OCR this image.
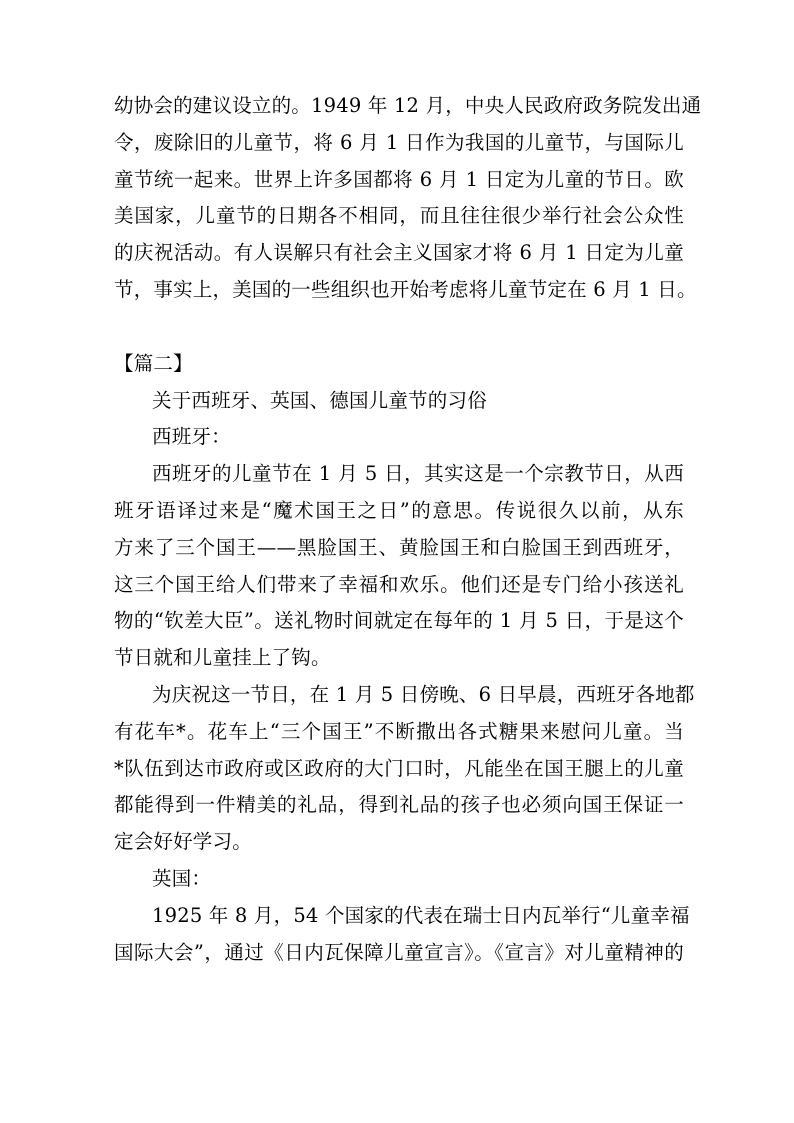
幼协会的建议设立的。1949 年 12 月，中央人民政府政务院发出通
令，废除旧的儿童节，将 6 月 1 日作为我国的儿童节，与国际儿
童节统一起来。世界上许多国都将 6 月 1 日定为儿童的节日。欧
美国家，儿童节的日期各不相同，而且往往很少举行社会公众性
的庆祝活动。有人误解只有社会主义国家才将 6 月 1 日定为儿童
节，事实上，美国的一些组织也开始考虑将儿童节定在 6 月 1 日。
【篇二】
关于西班牙、英国、德国儿童节的习俗
西班牙：
西班牙的儿童节在 1 月 5 日，其实这是一个宗教节日，从西
班牙语译过来是“魔术国王之日”的意思。传说很久以前，从东
方来了三个国王——黑脸国王、黄脸国王和白脸国王到西班牙，
这三个国王给人们带来了幸福和欢乐。他们还是专门给小孩送礼
物的“钦差大臣”。送礼物时间就定在每年的 1 月 5 日，于是这个
节日就和儿童挂上了钩。
为庆祝这一节日，在 1 月 5 日傍晚、6 日早晨，西班牙各地都
有花车*。花车上“三个国王”不断撒出各式糖果来慰问儿童。当
*队伍到达市政府或区政府的大门口时，凡能坐在国王腿上的儿童
都能得到一件精美的礼品，得到礼品的孩子也必须向国王保证一
定会好好学习。
英国：
1925 年 8 月，54 个国家的代表在瑞士日内瓦举行“儿童幸福
国际大会”，通过《日内瓦保障儿童宣言》。《宣言》对儿童精神的
